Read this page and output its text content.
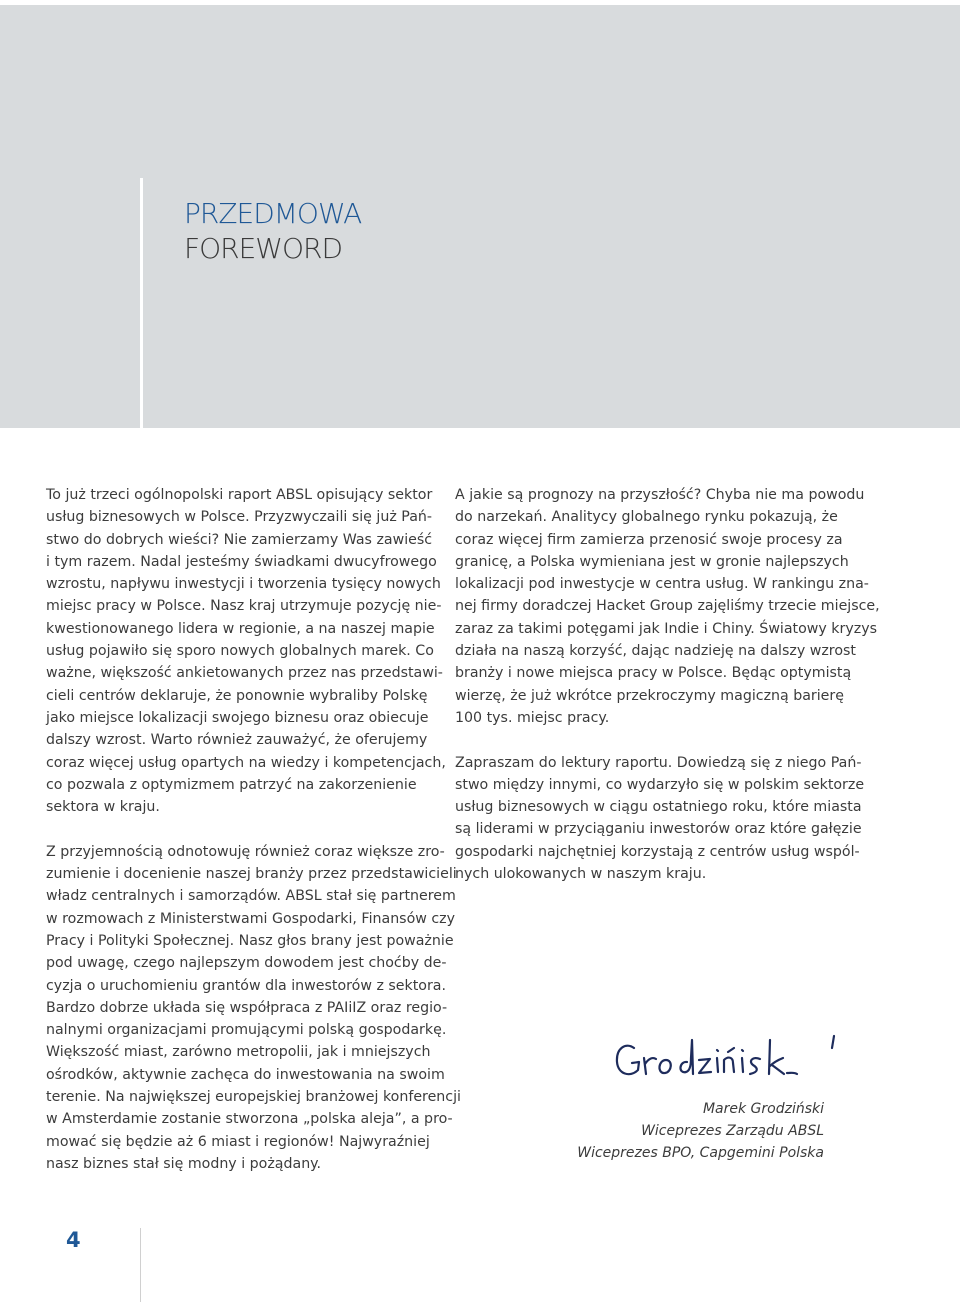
PRZEDMOWA
FOREWORD
To już trzeci ogólnopolski raport ABSL opisujący sektor
usług biznesowych w Polsce. Przyzwyczaili się już Pań-
stwo do dobrych wieści? Nie zamierzamy Was zawieść
i tym razem. Nadal jesteśmy świadkami dwucyfrowego
wzrostu, napływu inwestycji i tworzenia tysięcy nowych
miejsc pracy w Polsce. Nasz kraj utrzymuje pozycję nie-
kwestionowanego lidera w regionie, a na naszej mapie
usług pojawiło się sporo nowych globalnych marek. Co
ważne, większość ankietowanych przez nas przedstawi-
cieli centrów deklaruje, że ponownie wybraliby Polskę
jako miejsce lokalizacji swojego biznesu oraz obiecuje
dalszy wzrost. Warto również zauważyć, że oferujemy
coraz więcej usług opartych na wiedzy i kompetencjach,
co pozwala z optymizmem patrzyć na zakorzenienie
sektora w kraju.
Z przyjemnością odnotowuję również coraz większe zro-
zumienie i docenienie naszej branży przez przedstawicieli
władz centralnych i samorządów. ABSL stał się partnerem
w rozmowach z Ministerstwami Gospodarki, Finansów czy
Pracy i Polityki Społecznej. Nasz głos brany jest poważnie
pod uwagę, czego najlepszym dowodem jest choćby de-
cyzja o uruchomieniu grantów dla inwestorów z sektora.
Bardzo dobrze układa się współpraca z PAIiIZ oraz regio-
nalnymi organizacjami promującymi polską gospodarkę.
Większość miast, zarówno metropolii, jak i mniejszych
ośrodków, aktywnie zachęca do inwestowania na swoim
terenie. Na największej europejskiej branżowej konferencji
w Amsterdamie zostanie stworzona „polska aleja”, a pro-
mować się będzie aż 6 miast i regionów! Najwyraźniej
nasz biznes stał się modny i pożądany.
A jakie są prognozy na przyszłość? Chyba nie ma powodu
do narzekań. Analitycy globalnego rynku pokazują, że
coraz więcej firm zamierza przenosić swoje procesy za
granicę, a Polska wymieniana jest w gronie najlepszych
lokalizacji pod inwestycje w centra usług. W rankingu zna-
nej firmy doradczej Hacket Group zajęliśmy trzecie miejsce,
zaraz za takimi potęgami jak Indie i Chiny. Światowy kryzys
działa na naszą korzyść, dając nadzieję na dalszy wzrost
branży i nowe miejsca pracy w Polsce. Będąc optymistą
wierzę, że już wkrótce przekroczymy magiczną barierę
100 tys. miejsc pracy.
Zapraszam do lektury raportu. Dowiedzą się z niego Pań-
stwo między innymi, co wydarzyło się w polskim sektorze
usług biznesowych w ciągu ostatniego roku, które miasta
są liderami w przyciąganiu inwestorów oraz które gałęzie
gospodarki najchętniej korzystają z centrów usług wspól-
nych ulokowanych w naszym kraju.
Marek Grodziński
Wiceprezes Zarządu ABSL
Wiceprezes BPO, Capgemini Polska
4
